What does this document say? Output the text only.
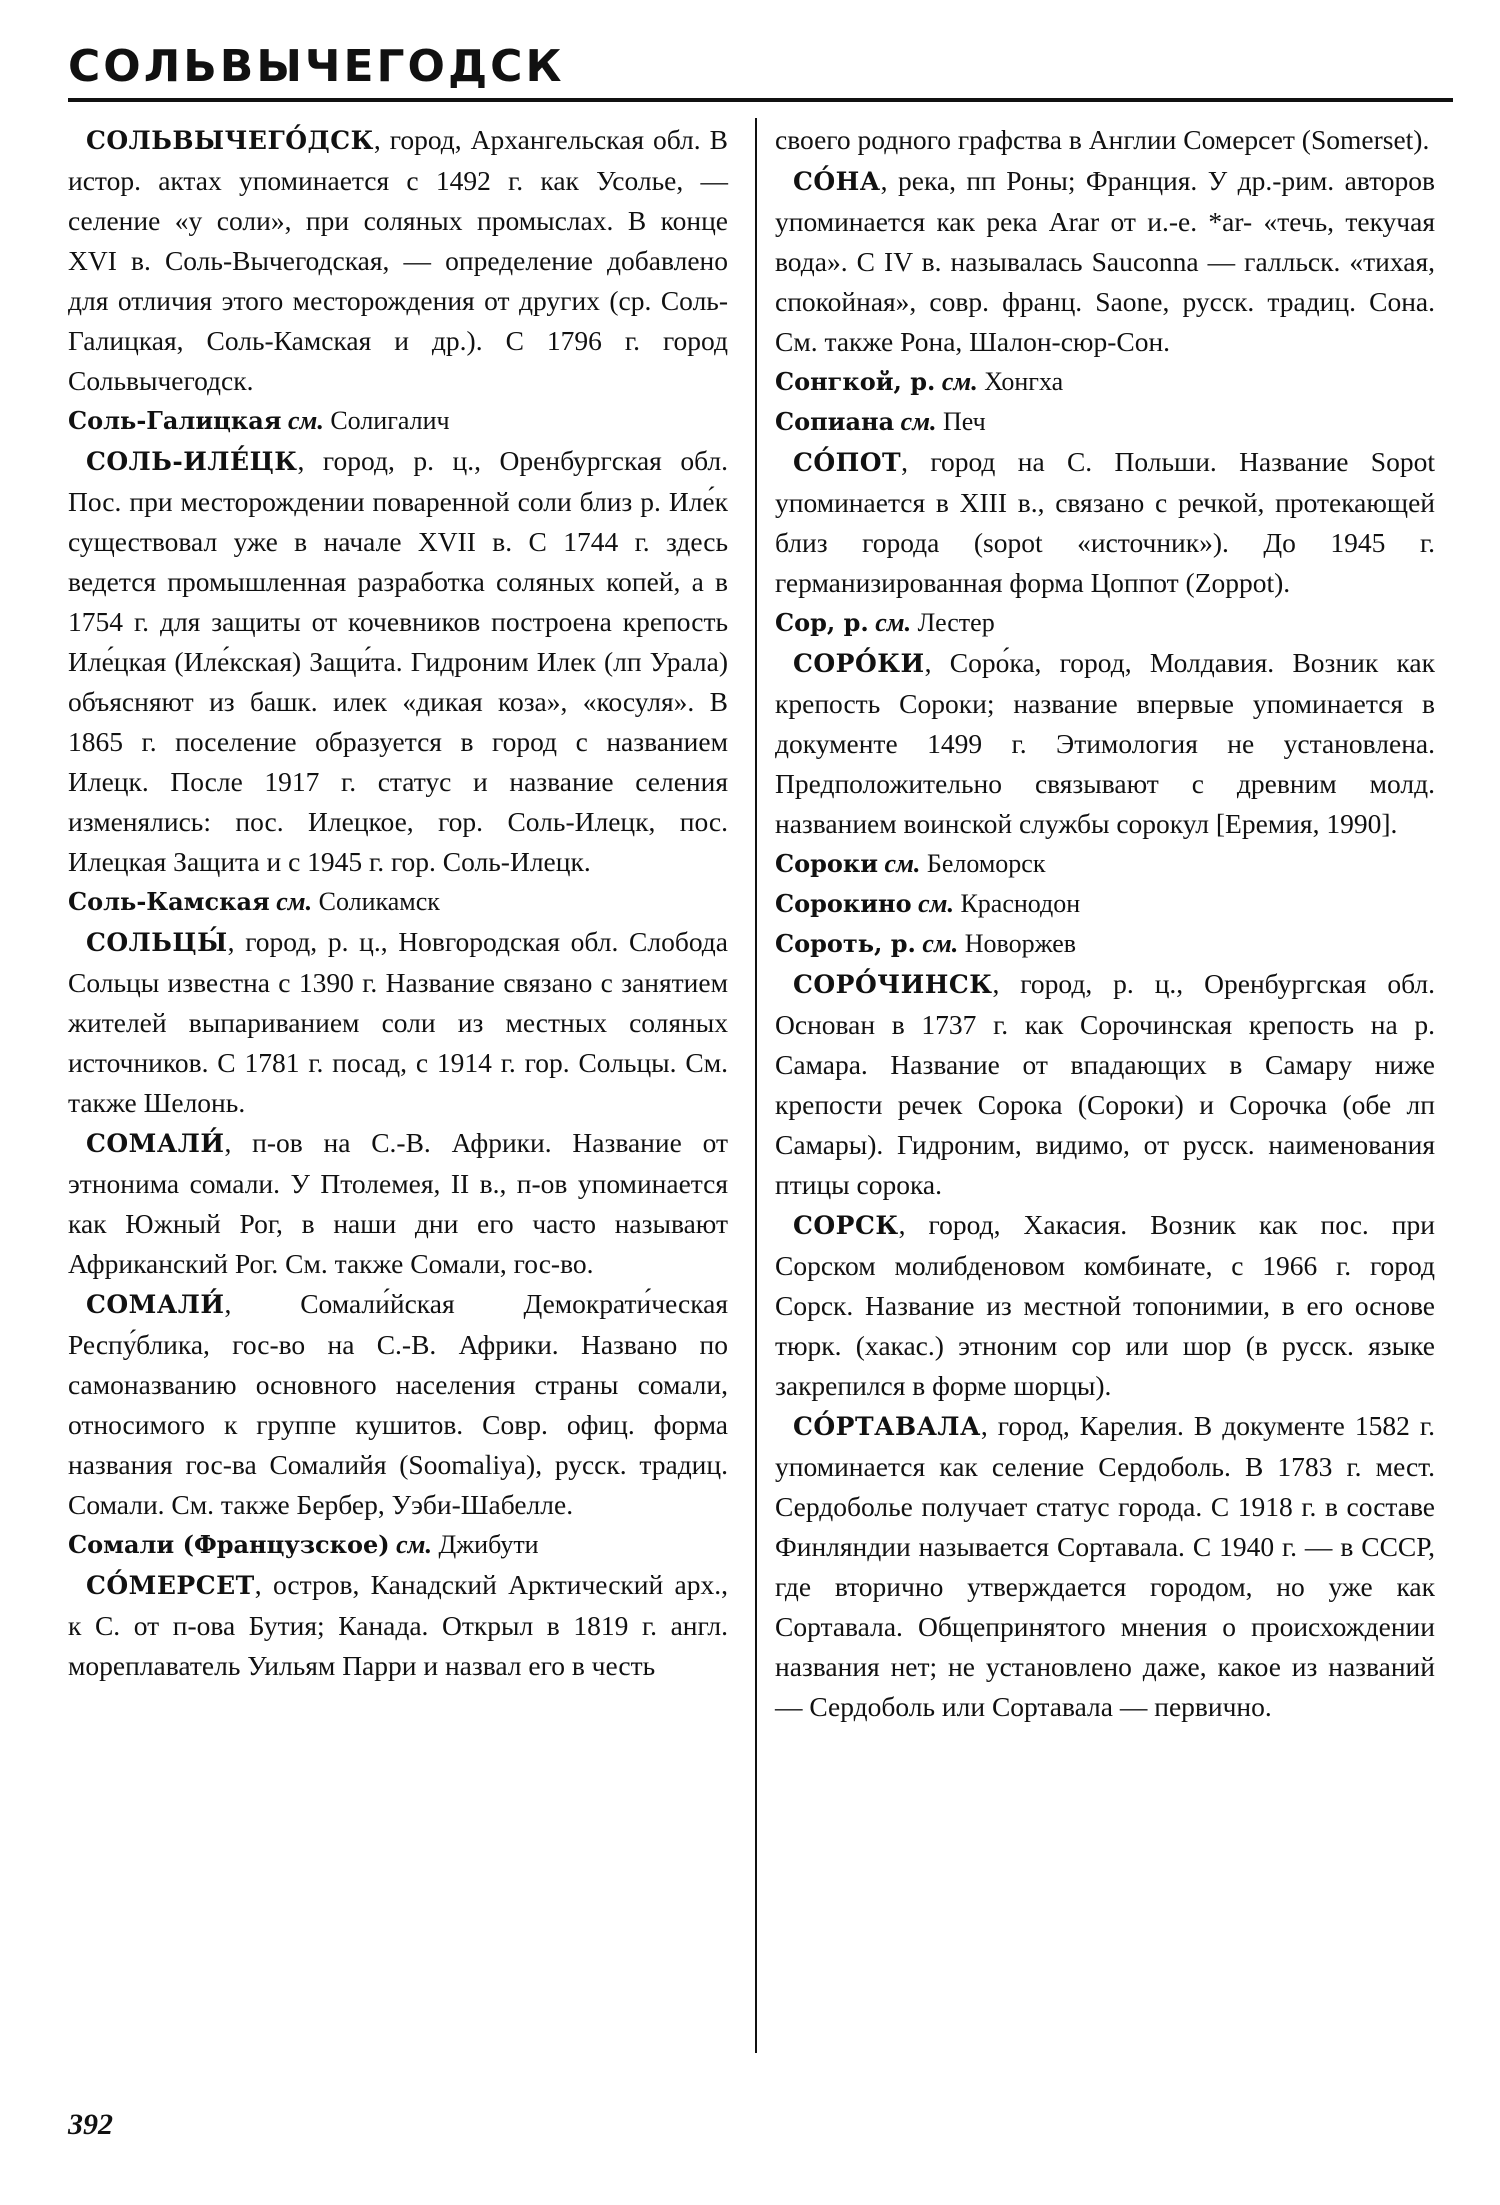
СОЛЬВЫЧЕГОДСК

СОЛЬВЫЧЕГО́ДСК, город, Архангельская обл. В истор. актах упоминается с 1492 г. как Усолье, — селение «у соли», при соляных промыслах. В конце XVI в. Соль-Вычегодская, — определение добавлено для отличия этого месторождения от других (ср. Соль-Галицкая, Соль-Камская и др.). С 1796 г. город Сольвычегодск.

Соль-Галицкая см. Солигалич

СОЛЬ-ИЛЕ́ЦК, город, р. ц., Оренбургская обл. Пос. при месторождении поваренной соли близ р. Иле́к существовал уже в начале XVII в. С 1744 г. здесь ведется промышленная разработка соляных копей, а в 1754 г. для защиты от кочевников построена крепость Иле́цкая (Иле́кская) Защи́та. Гидроним Илек (лп Урала) объясняют из башк. илек «дикая коза», «косуля». В 1865 г. поселение образуется в город с названием Илецк. После 1917 г. статус и название селения изменялись: пос. Илецкое, гор. Соль-Илецк, пос. Илецкая Защита и с 1945 г. гор. Соль-Илецк.

Соль-Камская см. Соликамск

СОЛЬЦЫ́, город, р. ц., Новгородская обл. Слобода Сольцы известна с 1390 г. Название связано с занятием жителей выпариванием соли из местных соляных источников. С 1781 г. посад, с 1914 г. гор. Сольцы. См. также Шелонь.

СОМАЛИ́, п-ов на С.-В. Африки. Название от этнонима сомали. У Птолемея, II в., п-ов упоминается как Южный Рог, в наши дни его часто называют Африканский Рог. См. также Сомали, гос-во.

СОМАЛИ́, Сомали́йская Демократи́ческая Респу́блика, гос-во на С.-В. Африки. Названо по самоназванию основного населения страны сомали, относимого к группе кушитов. Совр. офиц. форма названия гос-ва Сомалийя (Soomaliya), русск. традиц. Сомали. См. также Бербер, Уэби-Шабелле.

Сомали (Французское) см. Джибути

СО́МЕРСЕТ, остров, Канадский Арктический арх., к С. от п-ова Бутия; Канада. Открыл в 1819 г. англ. мореплаватель Уильям Парри и назвал его в честь

своего родного графства в Англии Сомерсет (Somerset).

СО́НА, река, пп Роны; Франция. У др.-рим. авторов упоминается как река Arar от и.-е. *ar- «течь, текучая вода». С IV в. называлась Sauconna — галльск. «тихая, спокойная», совр. франц. Saone, русск. традиц. Сона. См. также Рона, Шалон-сюр-Сон.

Сонгкой, р. см. Хонгха

Сопиана см. Печ

СО́ПОТ, город на С. Польши. Название Sopot упоминается в XIII в., связано с речкой, протекающей близ города (sopot «источник»). До 1945 г. германизированная форма Цоппот (Zoppot).

Сор, р. см. Лестер

СОРО́КИ, Соро́ка, город, Молдавия. Возник как крепость Сороки; название впервые упоминается в документе 1499 г. Этимология не установлена. Предположительно связывают с древним молд. названием воинской службы сорокул [Еремия, 1990].

Сороки см. Беломорск

Сорокино см. Краснодон

Сороть, р. см. Новоржев

СОРО́ЧИНСК, город, р. ц., Оренбургская обл. Основан в 1737 г. как Сорочинская крепость на р. Самара. Название от впадающих в Самару ниже крепости речек Сорока (Сороки) и Сорочка (обе лп Самары). Гидроним, видимо, от русск. наименования птицы сорока.

СОРСК, город, Хакасия. Возник как пос. при Сорском молибденовом комбинате, с 1966 г. город Сорск. Название из местной топонимии, в его основе тюрк. (хакас.) этноним сор или шор (в русск. языке закрепился в форме шорцы).

СО́РТАВАЛА, город, Карелия. В документе 1582 г. упоминается как селение Сердоболь. В 1783 г. мест. Сердоболье получает статус города. С 1918 г. в составе Финляндии называется Сортавала. С 1940 г. — в СССР, где вторично утверждается городом, но уже как Сортавала. Общепринятого мнения о происхождении названия нет; не установлено даже, какое из названий — Сердоболь или Сортавала — первично.

392
